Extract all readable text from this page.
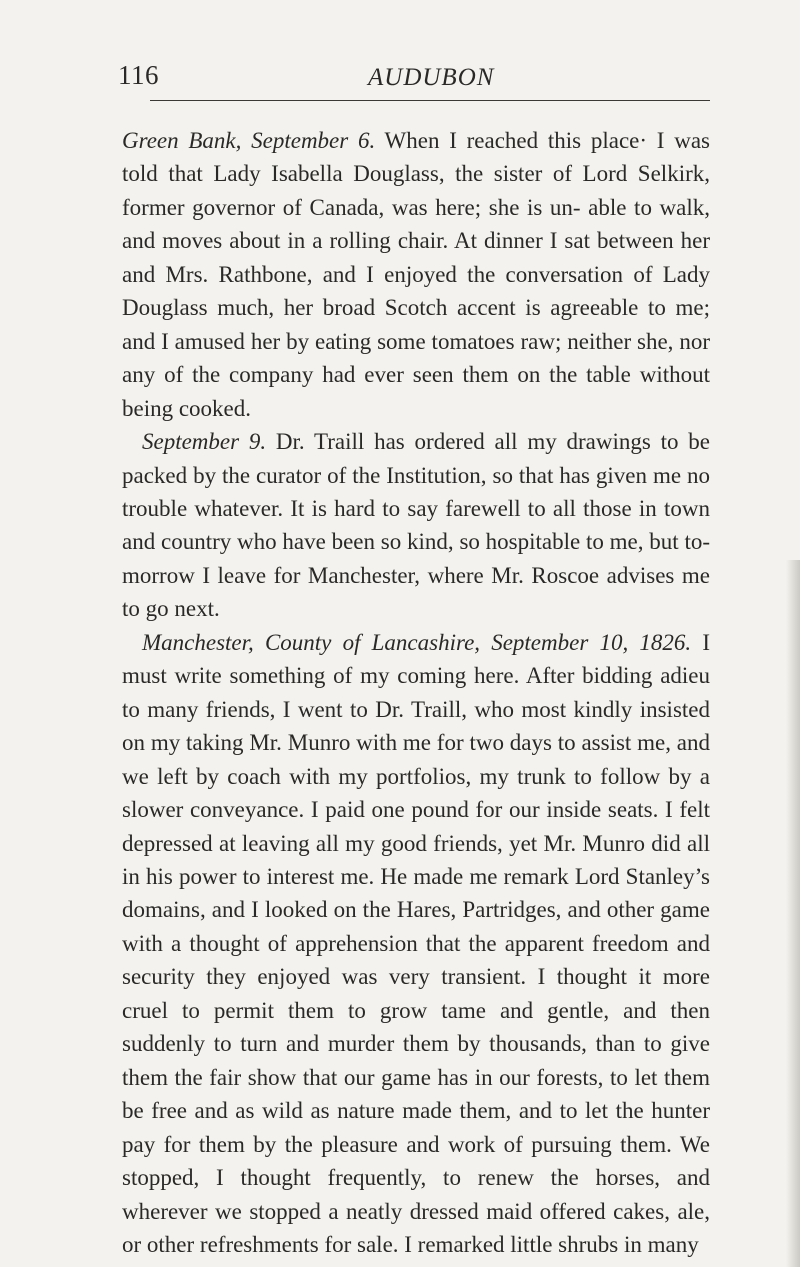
116	AUDUBON

Green Bank, September 6. When I reached this place· I was told that Lady Isabella Douglass, the sister of Lord Selkirk, former governor of Canada, was here; she is un- able to walk, and moves about in a rolling chair. At dinner I sat between her and Mrs. Rathbone, and I enjoyed the conversation of Lady Douglass much, her broad Scotch accent is agreeable to me; and I amused her by eating some tomatoes raw; neither she, nor any of the company had ever seen them on the table without being cooked.

September 9. Dr. Traill has ordered all my drawings to be packed by the curator of the Institution, so that has given me no trouble whatever. It is hard to say farewell to all those in town and country who have been so kind, so hospitable to me, but to-morrow I leave for Manchester, where Mr. Roscoe advises me to go next.

Manchester, County of Lancashire, September 10, 1826. I must write something of my coming here. After bidding adieu to many friends, I went to Dr. Traill, who most kindly insisted on my taking Mr. Munro with me for two days to assist me, and we left by coach with my portfolios, my trunk to follow by a slower conveyance. I paid one pound for our inside seats. I felt depressed at leaving all my good friends, yet Mr. Munro did all in his power to interest me. He made me remark Lord Stanley’s domains, and I looked on the Hares, Partridges, and other game with a thought of apprehension that the apparent freedom and security they enjoyed was very transient. I thought it more cruel to permit them to grow tame and gentle, and then suddenly to turn and murder them by thousands, than to give them the fair show that our game has in our forests, to let them be free and as wild as nature made them, and to let the hunter pay for them by the pleasure and work of pursuing them. We stopped, I thought frequently, to renew the horses, and wherever we stopped a neatly dressed maid offered cakes, ale, or other refreshments for sale. I remarked little shrubs in many
